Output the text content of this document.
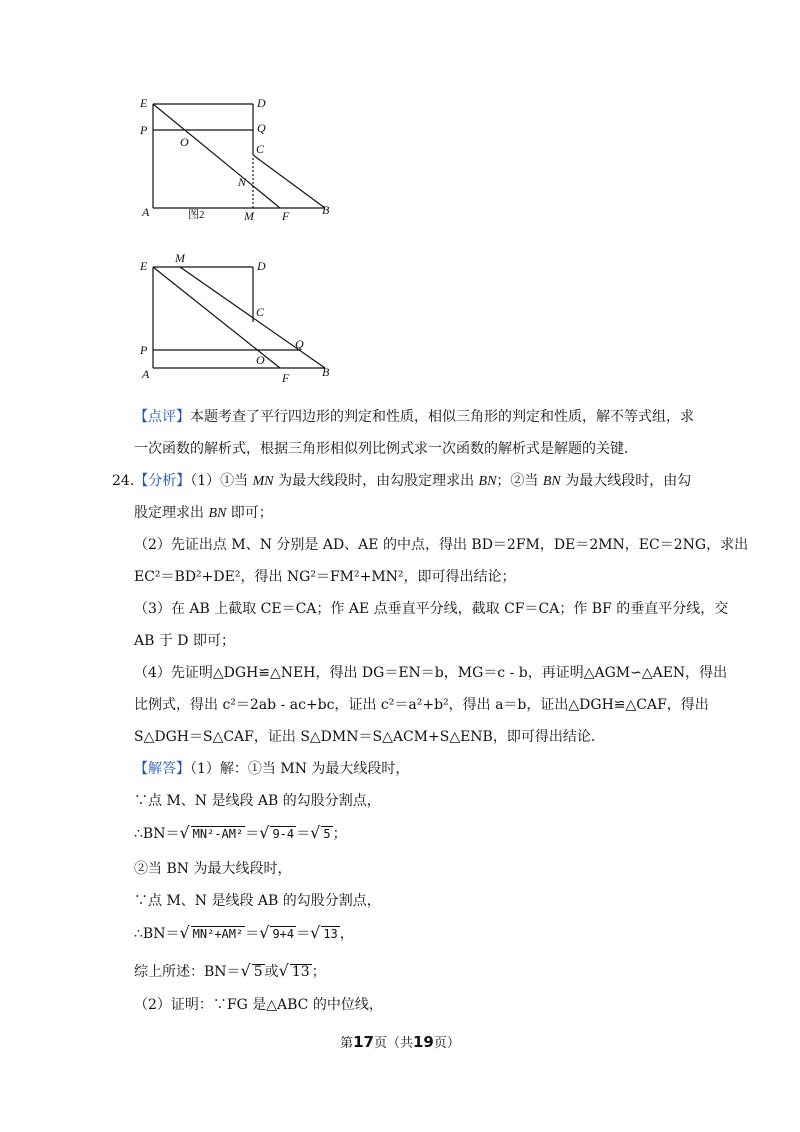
E	D
P	Q
O	C
N
A	图2	M F	B
E
M
D
C
P
O
Q
A	F	B
【点评】本题考查了平行四边形的判定和性质，相似三角形的判定和性质，解不等式组，求
一次函数的解析式，根据三角形相似列比例式求一次函数的解析式是解题的关键．
24.【分析】（1）①当 MN 为最大线段时，由勾股定理求出 BN；②当 BN 为最大线段时，由勾
股定理求出 BN 即可；
（2）先证出点 M、N 分别是 AD、AE 的中点，得出 BD＝2FM，DE＝2MN，EC＝2NG，求出
EC²＝BD²+DE²，得出 NG²＝FM²+MN²，即可得出结论；
（3）在 AB 上截取 CE＝CA；作 AE 点垂直平分线，截取 CF＝CA；作 BF 的垂直平分线，交
AB 于 D 即可；
（4）先证明△DGH≌△NEH，得出 DG＝EN＝b，MG＝c - b，再证明△AGM∽△AEN，得出
比例式，得出 c²＝2ab - ac+bc，证出 c²＝a²+b²，得出 a＝b，证出△DGH≌△CAF，得出
S△DGH＝S△CAF，证出 S△DMN＝S△ACM+S△ENB，即可得出结论．
【解答】（1）解：①当 MN 为最大线段时，
∵点 M、N 是线段 AB 的勾股分割点，
∴BN＝√ MN²-AM² ＝√ 9-4 ＝√ 5 ；
②当 BN 为最大线段时，
∵点 M、N 是线段 AB 的勾股分割点，
∴BN＝√ MN²+AM² ＝√ 9+4 ＝√ 13 ，
综上所述：BN＝√ 5 或√ 13 ；
（2）证明：∵FG 是△ABC 的中位线，
第17页（共19页）
